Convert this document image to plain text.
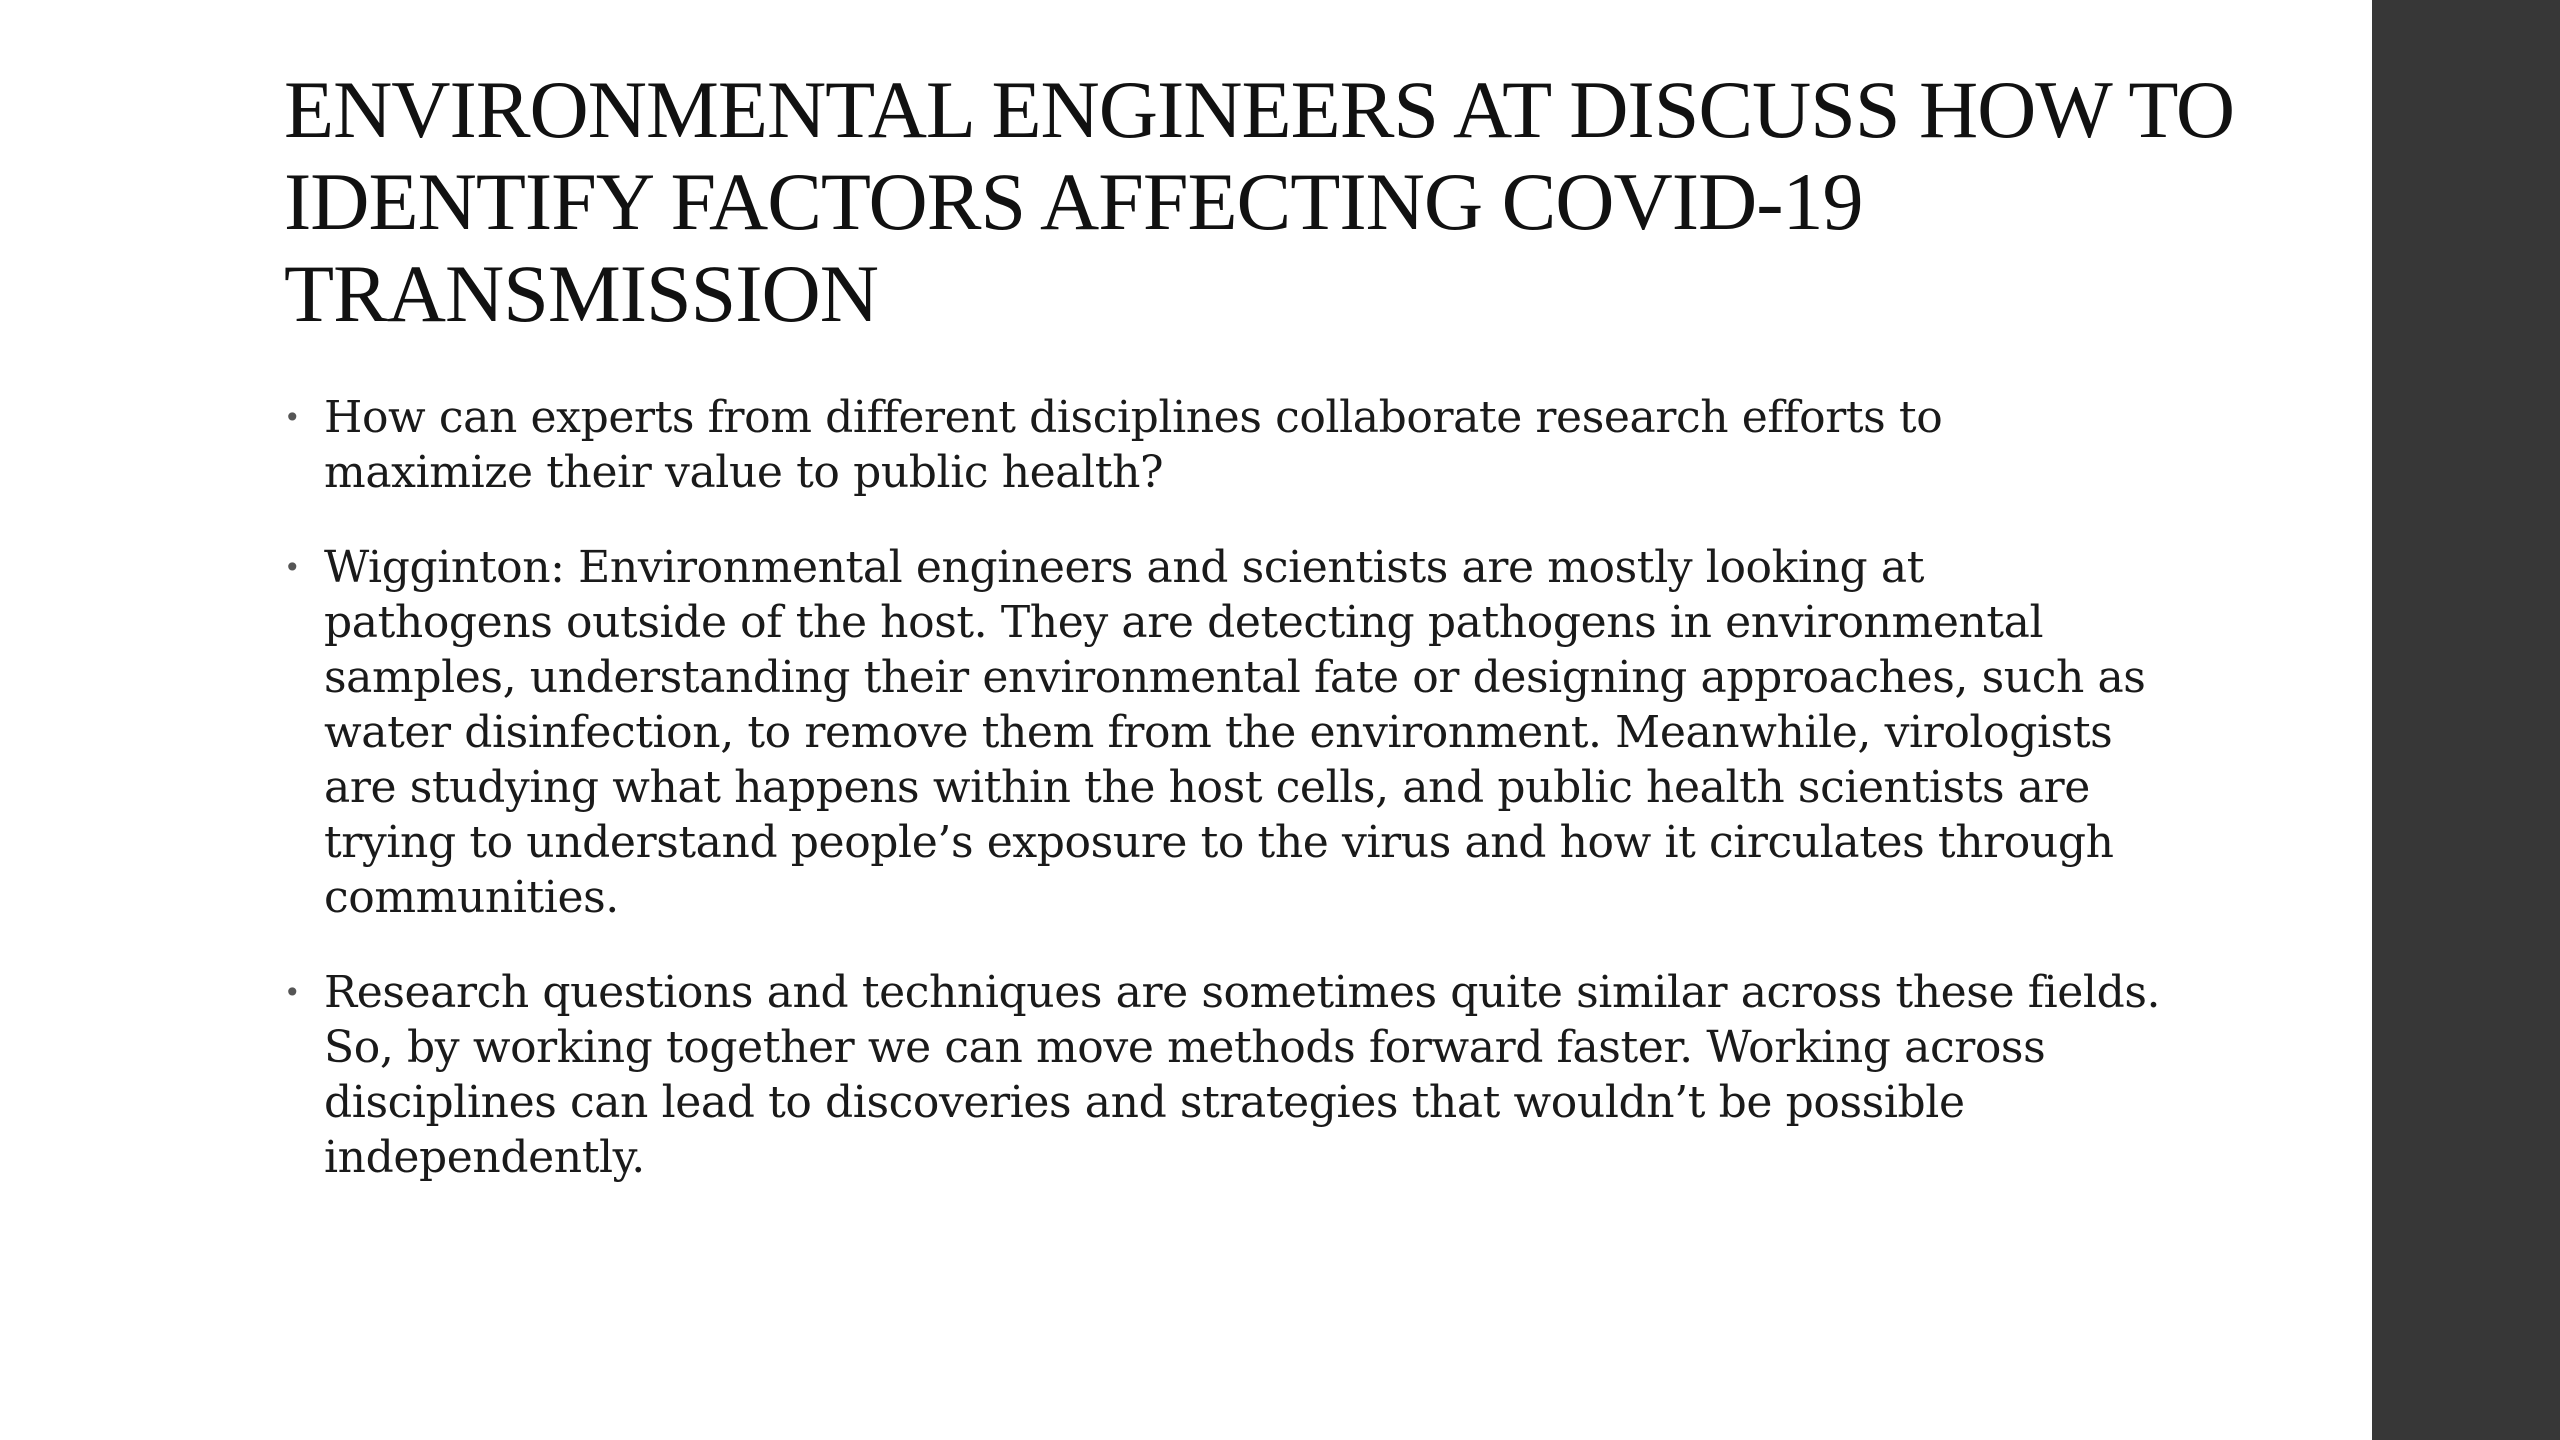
ENVIRONMENTAL ENGINEERS AT DISCUSS HOW TO IDENTIFY FACTORS AFFECTING COVID-19 TRANSMISSION
• How can experts from different disciplines collaborate research efforts to maximize their value to public health?
• Wigginton: Environmental engineers and scientists are mostly looking at pathogens outside of the host. They are detecting pathogens in environmental samples, understanding their environmental fate or designing approaches, such as water disinfection, to remove them from the environment. Meanwhile, virologists are studying what happens within the host cells, and public health scientists are trying to understand people’s exposure to the virus and how it circulates through communities.
• Research questions and techniques are sometimes quite similar across these fields. So, by working together we can move methods forward faster. Working across disciplines can lead to discoveries and strategies that wouldn’t be possible independently.
